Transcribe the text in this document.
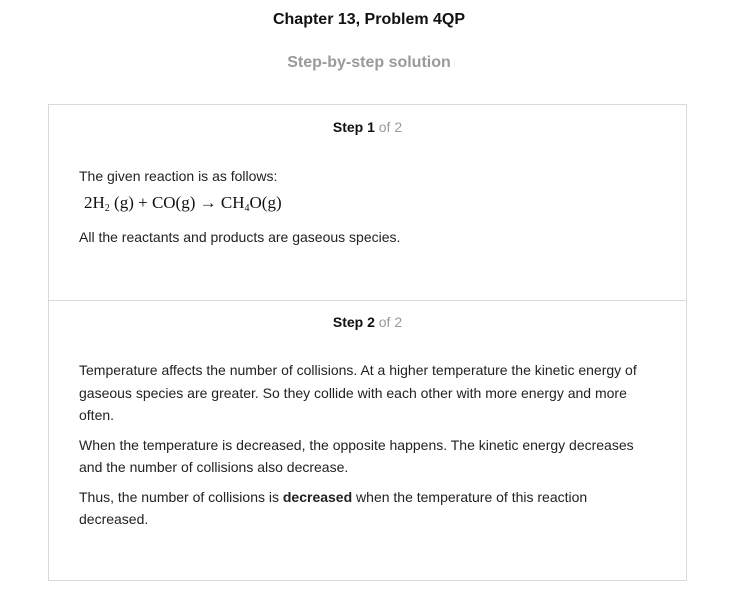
Chapter 13, Problem 4QP
Step-by-step solution
Step 1 of 2
The given reaction is as follows:
$2H_2$ $(g) + CO(g) \to CH_4O(g)$
All the reactants and products are gaseous species.
Step 2 of 2

Temperature affects the number of collisions. At a higher temperature the kinetic energy of gaseous species are greater. So they collide with each other with more energy and more often.

When the temperature is decreased, the opposite happens. The kinetic energy decreases and the number of collisions also decrease.

Thus, the number of collisions is decreased when the temperature of this reaction decreased.
